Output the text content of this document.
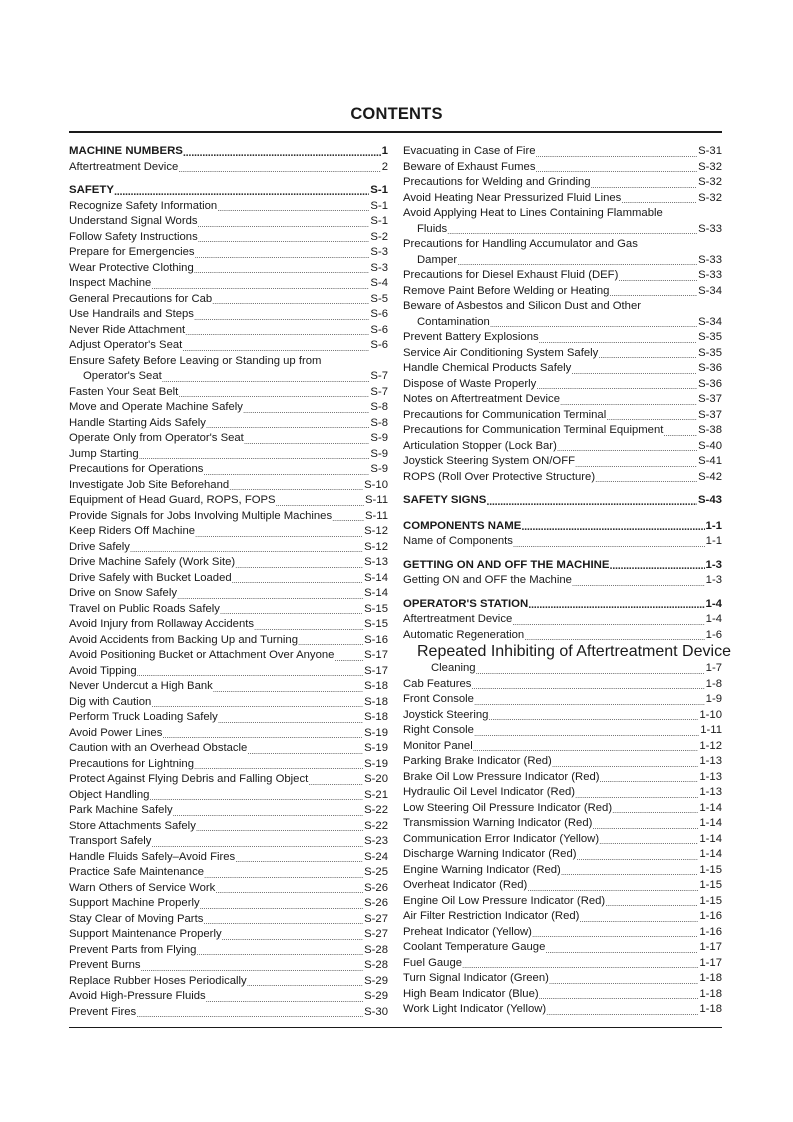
CONTENTS
MACHINE NUMBERS .....	1
Aftertreatment Device .....	2
SAFETY .....	S-1
Recognize Safety Information .....	S-1
Understand Signal Words .....	S-1
Follow Safety Instructions .....	S-2
Prepare for Emergencies .....	S-3
Wear Protective Clothing .....	S-3
Inspect Machine .....	S-4
General Precautions for Cab .....	S-5
Use Handrails and Steps .....	S-6
Never Ride Attachment .....	S-6
Adjust Operator's Seat .....	S-6
Ensure Safety Before Leaving or Standing up from
Operator's Seat .....	S-7
Fasten Your Seat Belt .....	S-7
Move and Operate Machine Safely .....	S-8
Handle Starting Aids Safely .....	S-8
Operate Only from Operator's Seat .....	S-9
Jump Starting .....	S-9
Precautions for Operations .....	S-9
Investigate Job Site Beforehand .....	S-10
Equipment of Head Guard, ROPS, FOPS .....	S-11
Provide Signals for Jobs Involving Multiple Machines .....	S-11
Keep Riders Off Machine .....	S-12
Drive Safely .....	S-12
Drive Machine Safely (Work Site) .....	S-13
Drive Safely with Bucket Loaded .....	S-14
Drive on Snow Safely .....	S-14
Travel on Public Roads Safely .....	S-15
Avoid Injury from Rollaway Accidents .....	S-15
Avoid Accidents from Backing Up and Turning .....	S-16
Avoid Positioning Bucket or Attachment Over Anyone .....	S-17
Avoid Tipping .....	S-17
Never Undercut a High Bank .....	S-18
Dig with Caution .....	S-18
Perform Truck Loading Safely .....	S-18
Avoid Power Lines .....	S-19
Caution with an Overhead Obstacle .....	S-19
Precautions for Lightning .....	S-19
Protect Against Flying Debris and Falling Object .....	S-20
Object Handling .....	S-21
Park Machine Safely .....	S-22
Store Attachments Safely .....	S-22
Transport Safely .....	S-23
Handle Fluids Safely–Avoid Fires .....	S-24
Practice Safe Maintenance .....	S-25
Warn Others of Service Work .....	S-26
Support Machine Properly .....	S-26
Stay Clear of Moving Parts .....	S-27
Support Maintenance Properly .....	S-27
Prevent Parts from Flying .....	S-28
Prevent Burns .....	S-28
Replace Rubber Hoses Periodically .....	S-29
Avoid High-Pressure Fluids .....	S-29
Prevent Fires .....	S-30
Evacuating in Case of Fire .....	S-31
Beware of Exhaust Fumes .....	S-32
Precautions for Welding and Grinding .....	S-32
Avoid Heating Near Pressurized Fluid Lines .....	S-32
Avoid Applying Heat to Lines Containing Flammable
Fluids .....	S-33
Precautions for Handling Accumulator and Gas
Damper .....	S-33
Precautions for Diesel Exhaust Fluid (DEF) .....	S-33
Remove Paint Before Welding or Heating .....	S-34
Beware of Asbestos and Silicon Dust and Other
Contamination .....	S-34
Prevent Battery Explosions .....	S-35
Service Air Conditioning System Safely .....	S-35
Handle Chemical Products Safely .....	S-36
Dispose of Waste Properly .....	S-36
Notes on Aftertreatment Device .....	S-37
Precautions for Communication Terminal .....	S-37
Precautions for Communication Terminal Equipment .....	S-38
Articulation Stopper (Lock Bar) .....	S-40
Joystick Steering System ON/OFF .....	S-41
ROPS (Roll Over Protective Structure) .....	S-42
SAFETY SIGNS .....	S-43
COMPONENTS NAME .....	1-1
Name of Components .....	1-1
GETTING ON AND OFF THE MACHINE .....	1-3
Getting ON and OFF the Machine .....	1-3
OPERATOR'S STATION .....	1-4
Aftertreatment Device .....	1-4
Automatic Regeneration .....	1-6
Repeated Inhibiting of Aftertreatment Device
Cleaning .....	1-7
Cab Features .....	1-8
Front Console .....	1-9
Joystick Steering .....	1-10
Right Console .....	1-11
Monitor Panel .....	1-12
Parking Brake Indicator (Red) .....	1-13
Brake Oil Low Pressure Indicator (Red) .....	1-13
Hydraulic Oil Level Indicator (Red) .....	1-13
Low Steering Oil Pressure Indicator (Red) .....	1-14
Transmission Warning Indicator (Red) .....	1-14
Communication Error Indicator (Yellow) .....	1-14
Discharge Warning Indicator (Red) .....	1-14
Engine Warning Indicator (Red) .....	1-15
Overheat Indicator (Red) .....	1-15
Engine Oil Low Pressure Indicator (Red) .....	1-15
Air Filter Restriction Indicator (Red) .....	1-16
Preheat Indicator (Yellow) .....	1-16
Coolant Temperature Gauge .....	1-17
Fuel Gauge .....	1-17
Turn Signal Indicator (Green) .....	1-18
High Beam Indicator (Blue) .....	1-18
Work Light Indicator (Yellow) .....	1-18
